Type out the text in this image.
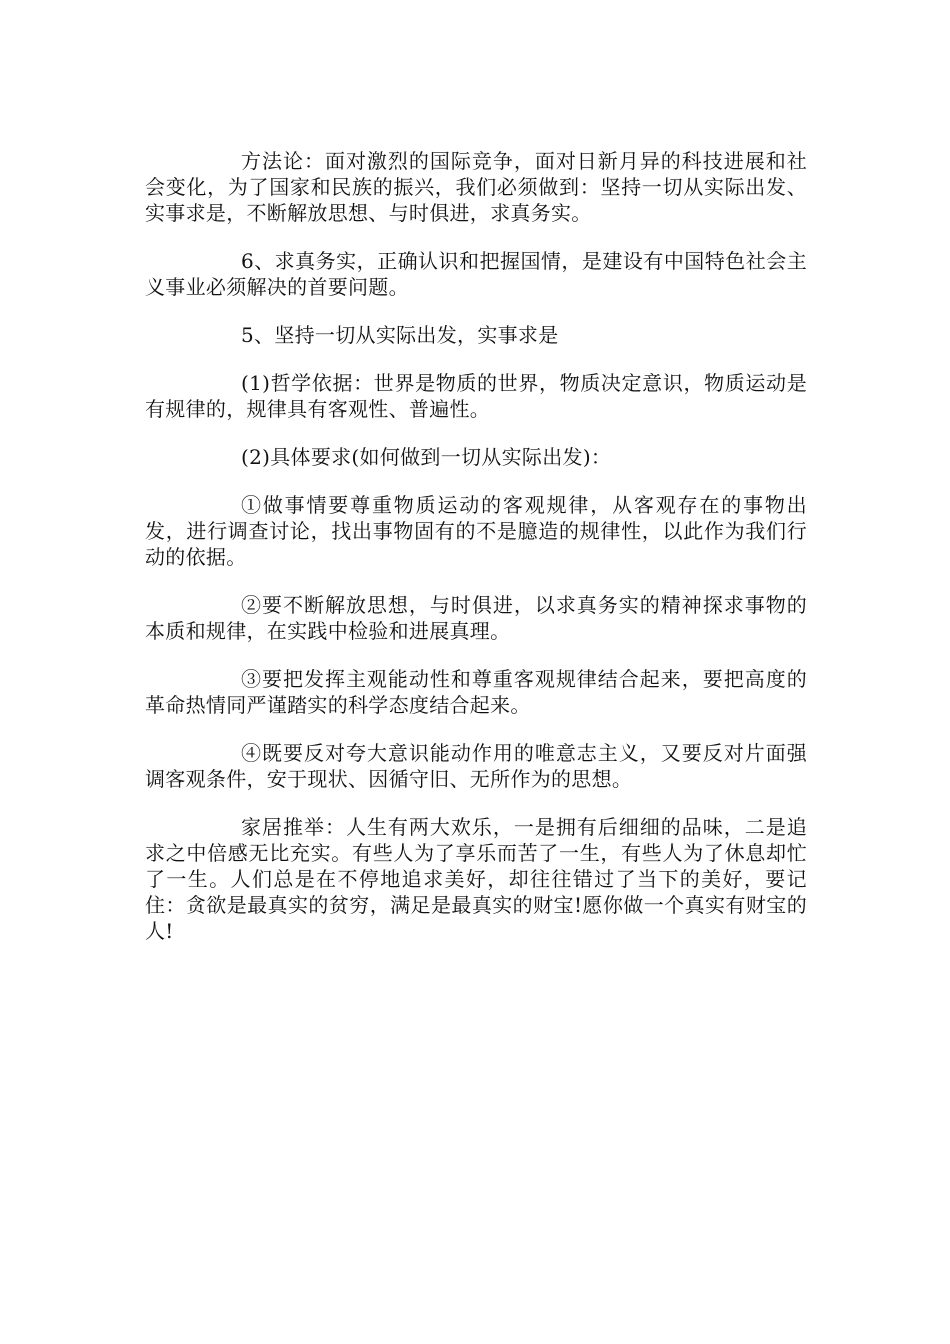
方法论：面对激烈的国际竞争，面对日新月异的科技进展和社会变化，为了国家和民族的振兴，我们必须做到：坚持一切从实际出发、实事求是，不断解放思想、与时俱进，求真务实。

6、求真务实，正确认识和把握国情，是建设有中国特色社会主义事业必须解决的首要问题。

5、坚持一切从实际出发，实事求是

(1)哲学依据：世界是物质的世界，物质决定意识，物质运动是有规律的，规律具有客观性、普遍性。

(2)具体要求(如何做到一切从实际出发)：

①做事情要尊重物质运动的客观规律，从客观存在的事物出发，进行调查讨论，找出事物固有的不是臆造的规律性，以此作为我们行动的依据。

②要不断解放思想，与时俱进，以求真务实的精神探求事物的本质和规律，在实践中检验和进展真理。

③要把发挥主观能动性和尊重客观规律结合起来，要把高度的革命热情同严谨踏实的科学态度结合起来。

④既要反对夸大意识能动作用的唯意志主义，又要反对片面强调客观条件，安于现状、因循守旧、无所作为的思想。

家居推举：人生有两大欢乐，一是拥有后细细的品味，二是追求之中倍感无比充实。有些人为了享乐而苦了一生，有些人为了休息却忙了一生。人们总是在不停地追求美好，却往往错过了当下的美好，要记住：贪欲是最真实的贫穷，满足是最真实的财宝!愿你做一个真实有财宝的人!
